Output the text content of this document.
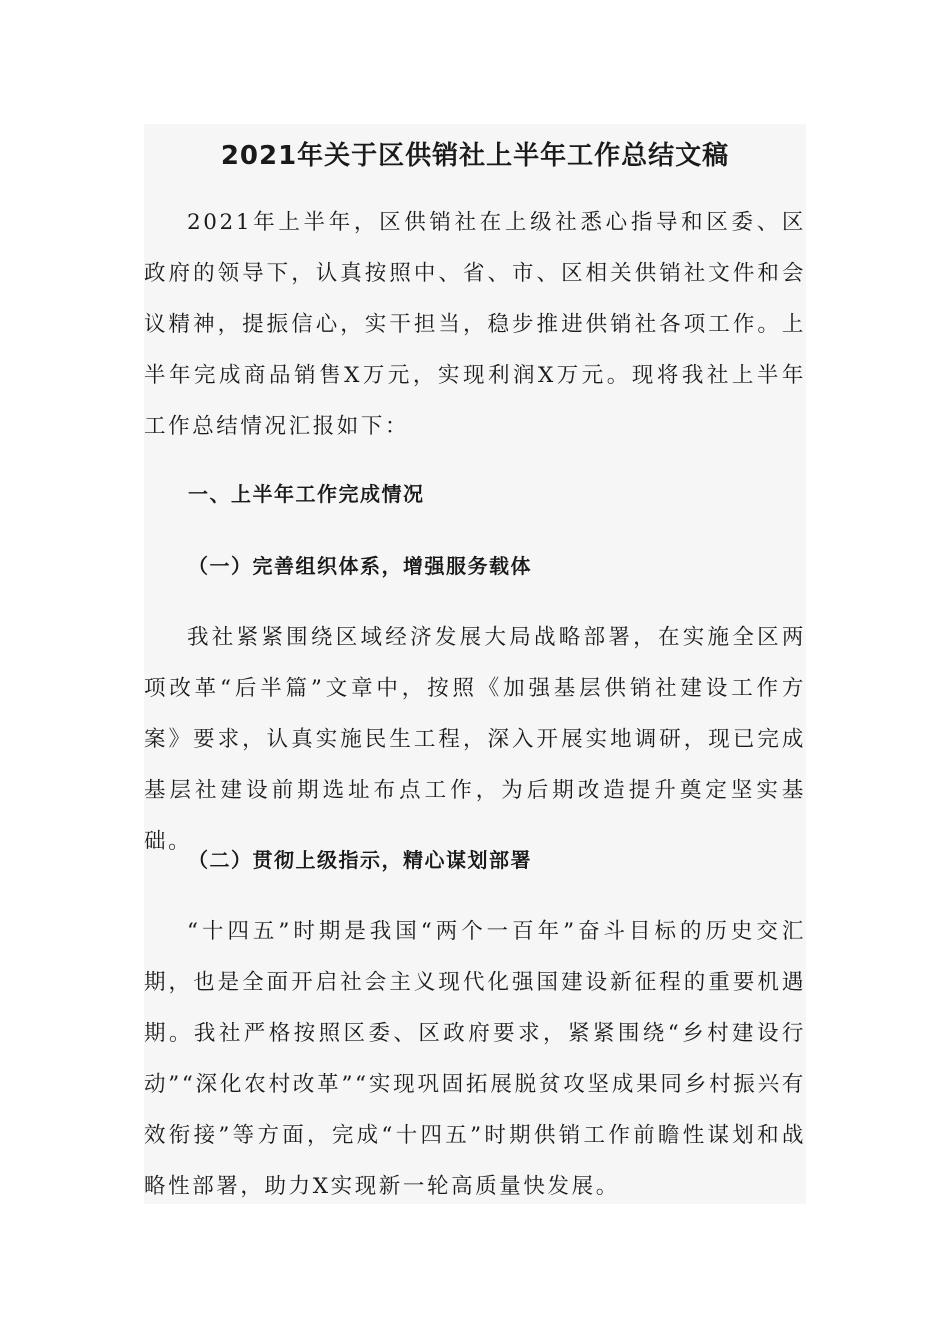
2021年关于区供销社上半年工作总结文稿

2021年上半年，区供销社在上级社悉心指导和区委、区政府的领导下，认真按照中、省、市、区相关供销社文件和会议精神，提振信心，实干担当，稳步推进供销社各项工作。上半年完成商品销售X万元，实现利润X万元。现将我社上半年工作总结情况汇报如下：

一、上半年工作完成情况
（一）完善组织体系，增强服务载体

我社紧紧围绕区域经济发展大局战略部署，在实施全区两项改革“后半篇”文章中，按照《加强基层供销社建设工作方案》要求，认真实施民生工程，深入开展实地调研，现已完成基层社建设前期选址布点工作，为后期改造提升奠定坚实基础。

（二）贯彻上级指示，精心谋划部署

“十四五”时期是我国“两个一百年”奋斗目标的历史交汇期，也是全面开启社会主义现代化强国建设新征程的重要机遇期。我社严格按照区委、区政府要求，紧紧围绕“乡村建设行动”“深化农村改革”“实现巩固拓展脱贫攻坚成果同乡村振兴有效衔接”等方面，完成“十四五”时期供销工作前瞻性谋划和战略性部署，助力X实现新一轮高质量快发展。
